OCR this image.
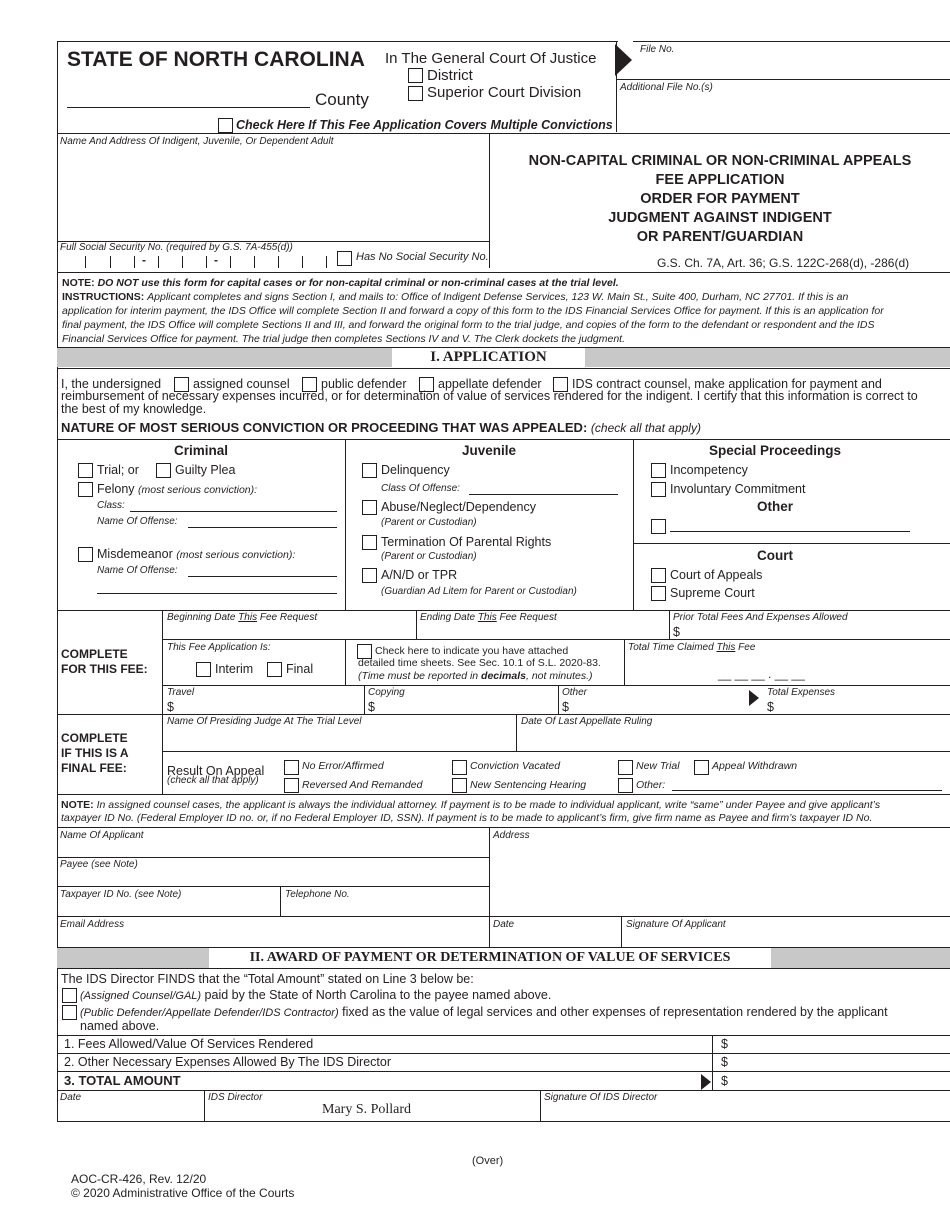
STATE OF NORTH CAROLINA In The General Court Of Justice
District
Superior Court Division
County
File No.
Additional File No.(s)
Check Here If This Fee Application Covers Multiple Convictions
Name And Address Of Indigent, Juvenile, Or Dependent Adult
NON-CAPITAL CRIMINAL OR NON-CRIMINAL APPEALS
FEE APPLICATION
ORDER FOR PAYMENT
JUDGMENT AGAINST INDIGENT
OR PARENT/GUARDIAN
Full Social Security No. (required by G.S. 7A-455(d))
-	-	Has No Social Security No.	G.S. Ch. 7A, Art. 36; G.S. 122C-268(d), -286(d)
NOTE: DO NOT use this form for capital cases or for non-capital criminal or non-criminal cases at the trial level.
INSTRUCTIONS: Applicant completes and signs Section I, and mails to: Office of Indigent Defense Services, 123 W. Main St., Suite 400, Durham, NC 27701. If this is an
application for interim payment, the IDS Office will complete Section II and forward a copy of this form to the IDS Financial Services Office for payment. If this is an application for
final payment, the IDS Office will complete Sections II and III, and forward the original form to the trial judge, and copies of the form to the defendant or respondent and the IDS
Financial Services Office for payment. The trial judge then completes Sections IV and V. The Clerk dockets the judgment.
I. APPLICATION
I, the undersigned	assigned counsel	public defender	appellate defender IDS contract counsel, make application for payment and
reimbursement of necessary expenses incurred, or for determination of value of services rendered for the indigent. I certify that this information is correct to
the best of my knowledge.
NATURE OF MOST SERIOUS CONVICTION OR PROCEEDING THAT WAS APPEALED: (check all that apply)
Criminal
Trial; or	Guilty Plea
Felony (most serious conviction):
Class:
Name Of Offense:
Misdemeanor (most serious conviction):
Name Of Offense:
Juvenile
Delinquency
Class Of Offense:
Abuse/Neglect/Dependency
(Parent or Custodian)
Termination Of Parental Rights
(Parent or Custodian)
A/N/D or TPR
(Guardian Ad Litem for Parent or Custodian)
Special Proceedings
Incompetency
Involuntary Commitment
Other
Court
Court of Appeals
Supreme Court
COMPLETE
FOR THIS FEE:
Beginning Date This Fee Request	Ending Date This Fee Request	Prior Total Fees And Expenses Allowed
$
This Fee Application Is:
Interim	Final
Check here to indicate you have attached
detailed time sheets. See Sec. 10.1 of S.L. 2020-83.
(Time must be reported in decimals, not minutes.)
Total Time Claimed This Fee
__ __ __ . __ __
Travel
$
Copying
$
Other
$
Total Expenses
$
COMPLETE
IF THIS IS A
FINAL FEE:
Name Of Presiding Judge At The Trial Level	Date Of Last Appellate Ruling
Result On Appeal
(check all that apply)
No Error/Affirmed
Reversed And Remanded
Conviction Vacated
New Sentencing Hearing
New Trial	Appeal Withdrawn
Other:
NOTE: In assigned counsel cases, the applicant is always the individual attorney. If payment is to be made to individual applicant, write “same” under Payee and give applicant’s
taxpayer ID No. (Federal Employer ID no. or, if no Federal Employer ID, SSN). If payment is to be made to applicant’s firm, give firm name as Payee and firm’s taxpayer ID No.
Name Of Applicant	Address
Payee (see Note)
Taxpayer ID No. (see Note)	Telephone No.
Email Address	Date	Signature Of Applicant
II. AWARD OF PAYMENT OR DETERMINATION OF VALUE OF SERVICES
The IDS Director FINDS that the “Total Amount” stated on Line 3 below be:
(Assigned Counsel/GAL) paid by the State of North Carolina to the payee named above.
(Public Defender/Appellate Defender/IDS Contractor) fixed as the value of legal services and other expenses of representation rendered by the applicant
named above.
1. Fees Allowed/Value Of Services Rendered	$
2. Other Necessary Expenses Allowed By The IDS Director	$
3. TOTAL AMOUNT	$
Date	IDS Director
Mary S. Pollard
Signature Of IDS Director
(Over)
AOC-CR-426, Rev. 12/20
© 2020 Administrative Office of the Courts
